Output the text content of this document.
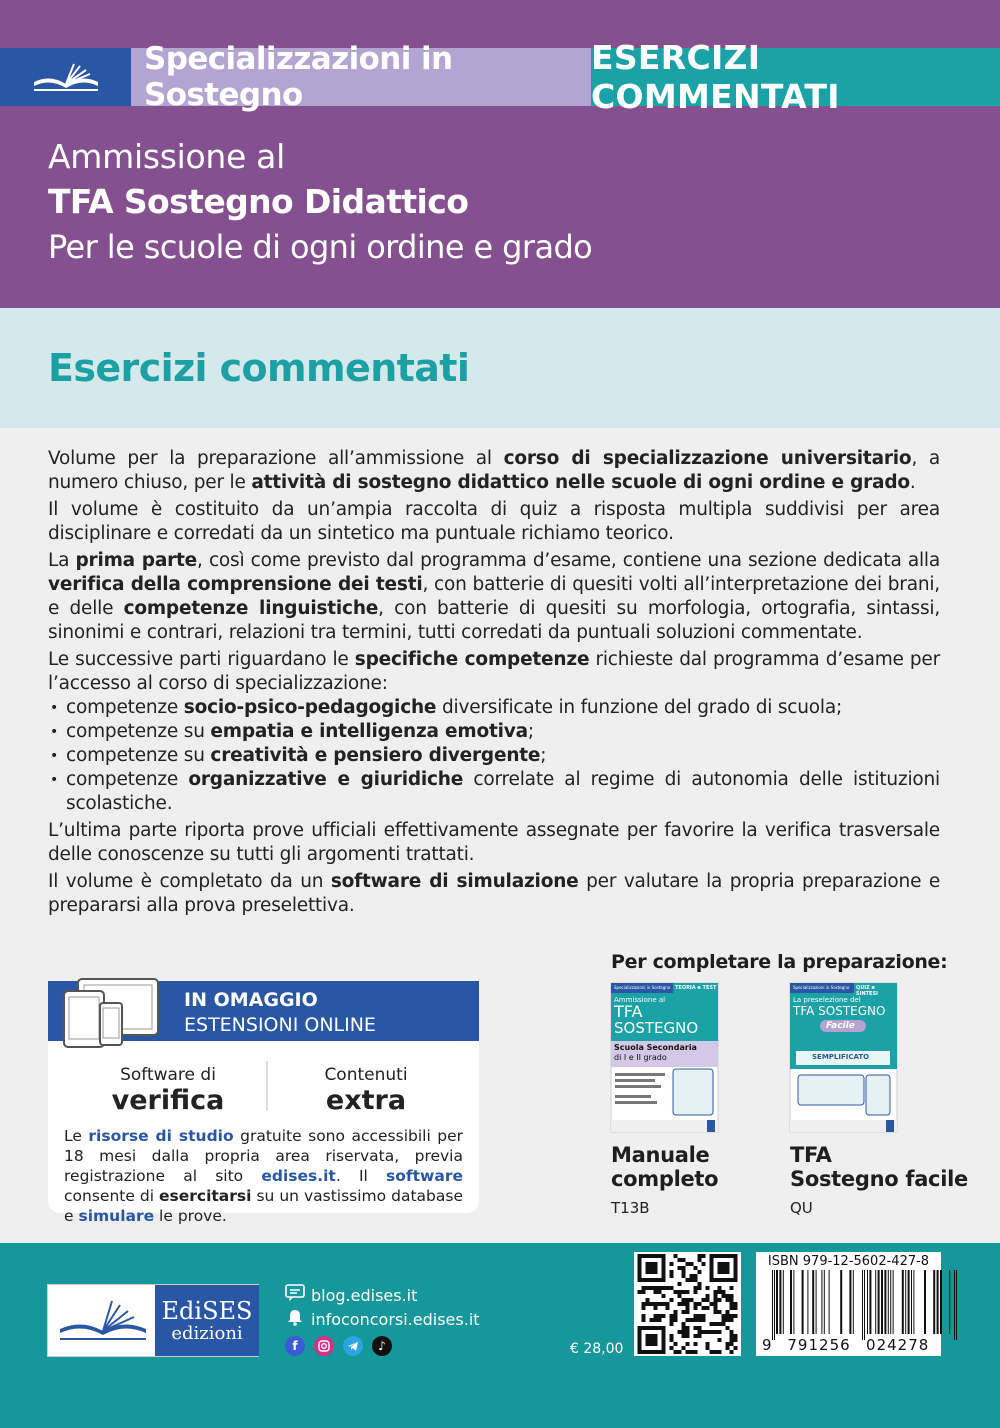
Specializzazioni in Sostegno
ESERCIZI COMMENTATI
Ammissione al
TFA Sostegno Didattico
Per le scuole di ogni ordine e grado
Esercizi commentati

Volume per la preparazione all’ammissione al corso di specializzazione universitario, a numero chiuso, per le attività di sostegno didattico nelle scuole di ogni ordine e grado.

Il volume è costituito da un’ampia raccolta di quiz a risposta multipla suddivisi per area disciplinare e corredati da un sintetico ma puntuale richiamo teorico.

La prima parte, così come previsto dal programma d’esame, contiene una sezione dedicata alla verifica della comprensione dei testi, con batterie di quesiti volti all’interpretazione dei brani, e delle competenze linguistiche, con batterie di quesiti su morfologia, ortografia, sintassi, sinonimi e contrari, relazioni tra termini, tutti corredati da puntuali soluzioni commentate.

Le successive parti riguardano le specifiche competenze richieste dal programma d’esame per l’accesso al corso di specializzazione:

• competenze socio-psico-pedagogiche diversificate in funzione del grado di scuola;
• competenze su empatia e intelligenza emotiva;
• competenze su creatività e pensiero divergente;
• competenze organizzative e giuridiche correlate al regime di autonomia delle istituzioni scolastiche.

L’ultima parte riporta prove ufficiali effettivamente assegnate per favorire la verifica trasversale delle conoscenze su tutti gli argomenti trattati.

Il volume è completato da un software di simulazione per valutare la propria preparazione e prepararsi alla prova preselettiva.

IN OMAGGIO
ESTENSIONI ONLINE
Software di
verifica
Contenuti
extra
Le risorse di studio gratuite sono accessibili per 18 mesi dalla propria area riservata, previa registrazione al sito edises.it. Il software consente di esercitarsi su un vastissimo database e simulare le prove.
Per completare la preparazione:
Specializzazioni in Sostegno TEORIA e TEST
Ammissione al
TFA
SOSTEGNO
Scuola Secondaria
di I e II grado
Specializzazioni in Sostegno QUIZ e SINTESI
La preselezione del
TFA SOSTEGNO
Facile
SEMPLIFICATO
Manuale
completo
T13B
TFA
Sostegno facile
QU
EdiSES
edizioni
blog.edises.it
infoconcorsi.edises.it
f	♪	€ 28,00
ISBN 979-12-5602-427-8
9	791256	024278
